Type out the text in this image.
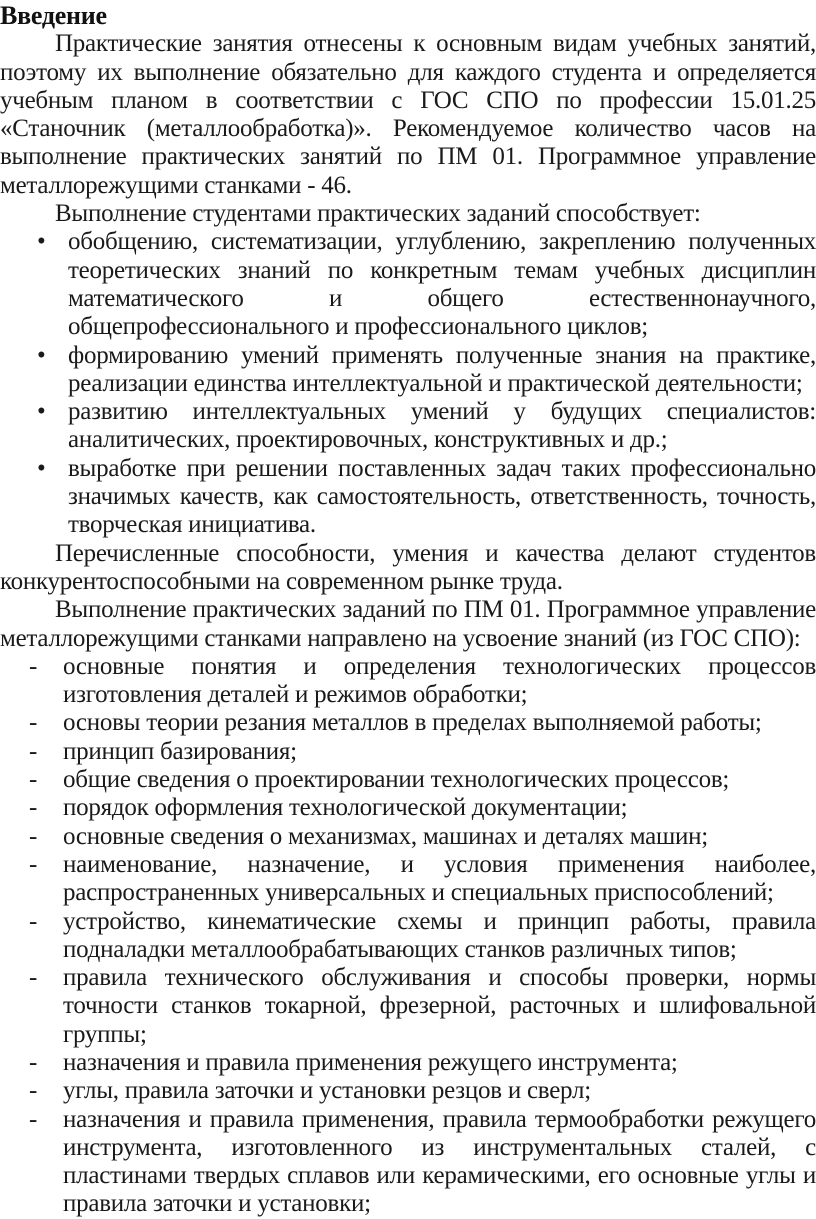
Введение
Практические занятия отнесены к основным видам учебных занятий,
поэтому их выполнение обязательно для каждого студента и определяется
учебным планом в соответствии с ГОС СПО по профессии 15.01.25
«Станочник (металлообработка)». Рекомендуемое количество часов на
выполнение практических занятий по ПМ 01. Программное управление
металлорежущими станками - 46.
Выполнение студентами практических заданий способствует:
• обобщению, систематизации, углублению, закреплению полученных
теоретических знаний по конкретным темам учебных дисциплин
математического и общего естественнонаучного,
общепрофессионального и профессионального циклов;
• формированию умений применять полученные знания на практике,
реализации единства интеллектуальной и практической деятельности;
• развитию интеллектуальных умений у будущих специалистов:
аналитических, проектировочных, конструктивных и др.;
• выработке при решении поставленных задач таких профессионально
значимых качеств, как самостоятельность, ответственность, точность,
творческая инициатива.
Перечисленные способности, умения и качества делают студентов
конкурентоспособными на современном рынке труда.
Выполнение практических заданий по ПМ 01. Программное управление
металлорежущими станками направлено на усвоение знаний (из ГОС СПО):
- основные понятия и определения технологических процессов
изготовления деталей и режимов обработки;
- основы теории резания металлов в пределах выполняемой работы;
- принцип базирования;
- общие сведения о проектировании технологических процессов;
- порядок оформления технологической документации;
- основные сведения о механизмах, машинах и деталях машин;
- наименование, назначение, и условия применения наиболее,
распространенных универсальных и специальных приспособлений;
- устройство, кинематические схемы и принцип работы, правила
подналадки металлообрабатывающих станков различных типов;
- правила технического обслуживания и способы проверки, нормы
точности станков токарной, фрезерной, расточных и шлифовальной
группы;
- назначения и правила применения режущего инструмента;
- углы, правила заточки и установки резцов и сверл;
- назначения и правила применения, правила термообработки режущего
инструмента, изготовленного из инструментальных сталей, с
пластинами твердых сплавов или керамическими, его основные углы и
правила заточки и установки;
